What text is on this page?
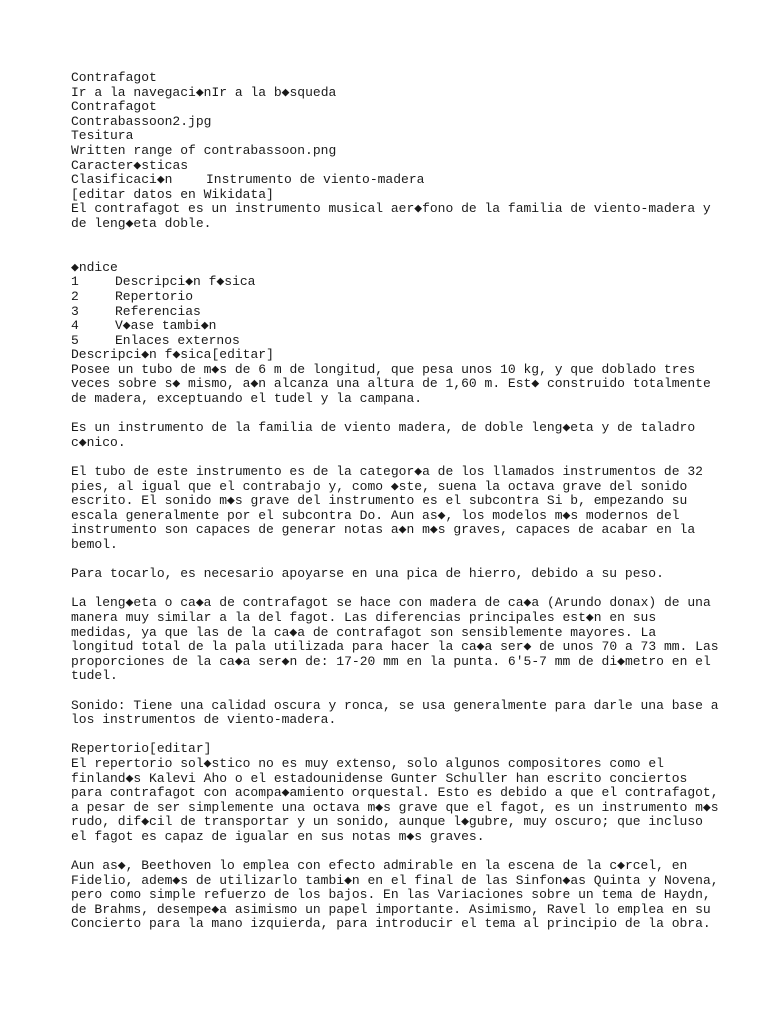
Contrafagot
Ir a la navegaci◆nIr a la b◆squeda
Contrafagot
Contrabassoon2.jpg
Tesitura
Written range of contrabassoon.png
Caracter◆sticas
Clasificaci◆n	Instrumento de viento-madera
[editar datos en Wikidata]
El contrafagot es un instrumento musical aer◆fono de la familia de viento-madera y
de leng◆eta doble.
◆ndice
1	Descripci◆n f◆sica
2	Repertorio
3	Referencias
4	V◆ase tambi◆n
5	Enlaces externos
Descripci◆n f◆sica[editar]
Posee un tubo de m◆s de 6 m de longitud, que pesa unos 10 kg, y que doblado tres
veces sobre s◆ mismo, a◆n alcanza una altura de 1,60 m. Est◆ construido totalmente
de madera, exceptuando el tudel y la campana.
Es un instrumento de la familia de viento madera, de doble leng◆eta y de taladro
c◆nico.
El tubo de este instrumento es de la categor◆a de los llamados instrumentos de 32
pies, al igual que el contrabajo y, como ◆ste, suena la octava grave del sonido
escrito. El sonido m◆s grave del instrumento es el subcontra Si b, empezando su
escala generalmente por el subcontra Do. Aun as◆, los modelos m◆s modernos del
instrumento son capaces de generar notas a◆n m◆s graves, capaces de acabar en la
bemol.
Para tocarlo, es necesario apoyarse en una pica de hierro, debido a su peso.
La leng◆eta o ca◆a de contrafagot se hace con madera de ca◆a (Arundo donax) de una
manera muy similar a la del fagot. Las diferencias principales est◆n en sus
medidas, ya que las de la ca◆a de contrafagot son sensiblemente mayores. La
longitud total de la pala utilizada para hacer la ca◆a ser◆ de unos 70 a 73 mm. Las
proporciones de la ca◆a ser◆n de: 17-20 mm en la punta. 6'5-7 mm de di◆metro en el
tudel.
Sonido: Tiene una calidad oscura y ronca, se usa generalmente para darle una base a
los instrumentos de viento-madera.
Repertorio[editar]
El repertorio sol◆stico no es muy extenso, solo algunos compositores como el
finland◆s Kalevi Aho o el estadounidense Gunter Schuller han escrito conciertos
para contrafagot con acompa◆amiento orquestal. Esto es debido a que el contrafagot,
a pesar de ser simplemente una octava m◆s grave que el fagot, es un instrumento m◆s
rudo, dif◆cil de transportar y un sonido, aunque l◆gubre, muy oscuro; que incluso
el fagot es capaz de igualar en sus notas m◆s graves.
Aun as◆, Beethoven lo emplea con efecto admirable en la escena de la c◆rcel, en
Fidelio, adem◆s de utilizarlo tambi◆n en el final de las Sinfon◆as Quinta y Novena,
pero como simple refuerzo de los bajos. En las Variaciones sobre un tema de Haydn,
de Brahms, desempe◆a asimismo un papel importante. Asimismo, Ravel lo emplea en su
Concierto para la mano izquierda, para introducir el tema al principio de la obra.
